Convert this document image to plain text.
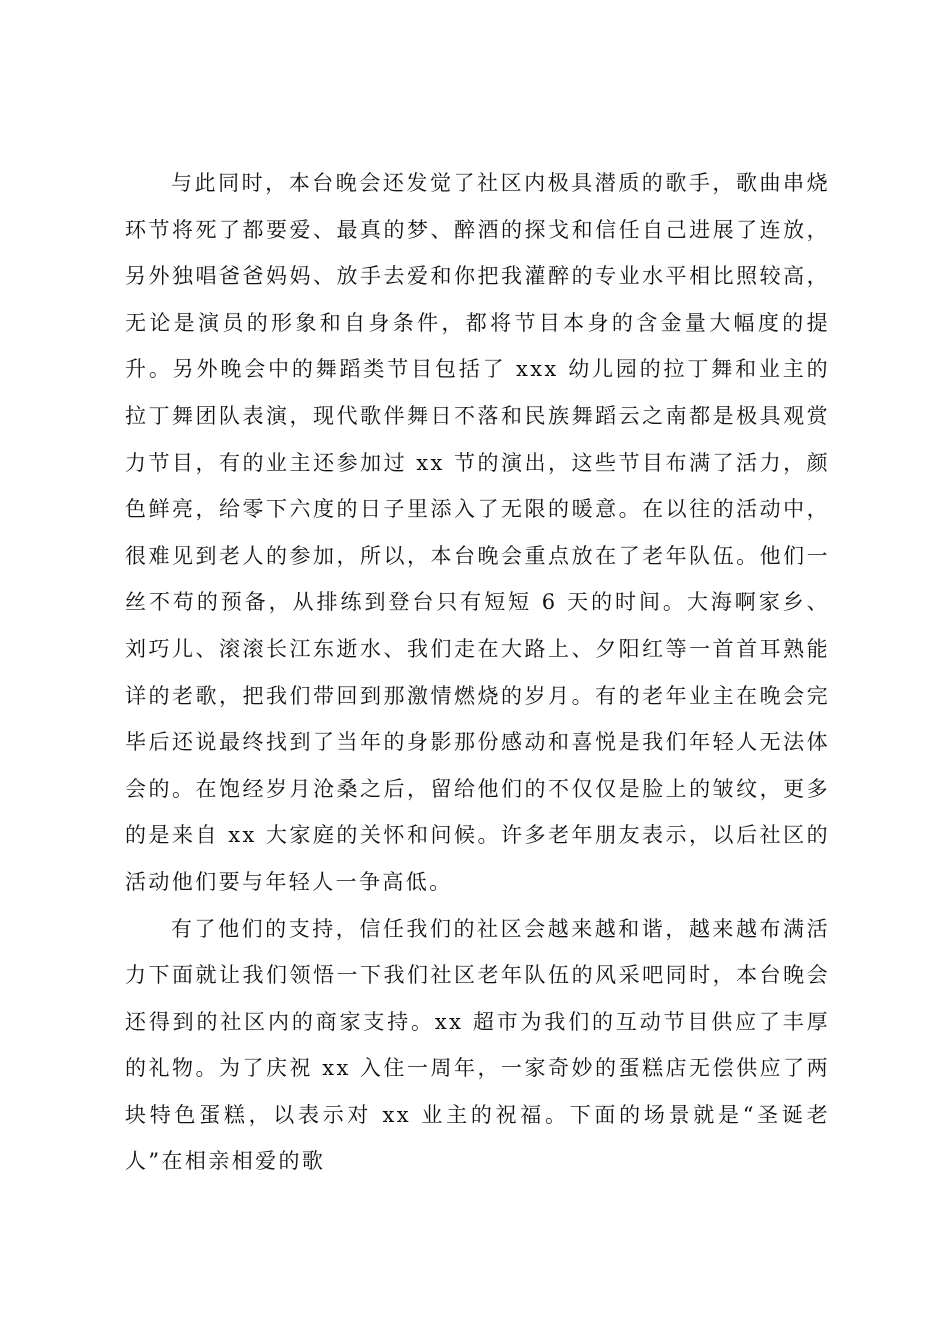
与此同时，本台晚会还发觉了社区内极具潜质的歌手，歌曲串烧环节将死了都要爱、最真的梦、醉酒的探戈和信任自己进展了连放，另外独唱爸爸妈妈、放手去爱和你把我灌醉的专业水平相比照较高，无论是演员的形象和自身条件，都将节目本身的含金量大幅度的提升。另外晚会中的舞蹈类节目包括了 xxx 幼儿园的拉丁舞和业主的拉丁舞团队表演，现代歌伴舞日不落和民族舞蹈云之南都是极具观赏力节目，有的业主还参加过 xx 节的演出，这些节目布满了活力，颜色鲜亮，给零下六度的日子里添入了无限的暖意。在以往的活动中，很难见到老人的参加，所以，本台晚会重点放在了老年队伍。他们一丝不苟的预备，从排练到登台只有短短 6 天的时间。大海啊家乡、刘巧儿、滚滚长江东逝水、我们走在大路上、夕阳红等一首首耳熟能详的老歌，把我们带回到那激情燃烧的岁月。有的老年业主在晚会完毕后还说最终找到了当年的身影那份感动和喜悦是我们年轻人无法体会的。在饱经岁月沧桑之后，留给他们的不仅仅是脸上的皱纹，更多的是来自 xx 大家庭的关怀和问候。许多老年朋友表示，以后社区的活动他们要与年轻人一争高低。

有了他们的支持，信任我们的社区会越来越和谐，越来越布满活力下面就让我们领悟一下我们社区老年队伍的风采吧同时，本台晚会还得到的社区内的商家支持。xx 超市为我们的互动节目供应了丰厚的礼物。为了庆祝 xx 入住一周年，一家奇妙的蛋糕店无偿供应了两块特色蛋糕，以表示对 xx 业主的祝福。下面的场景就是“圣诞老人”在相亲相爱的歌
